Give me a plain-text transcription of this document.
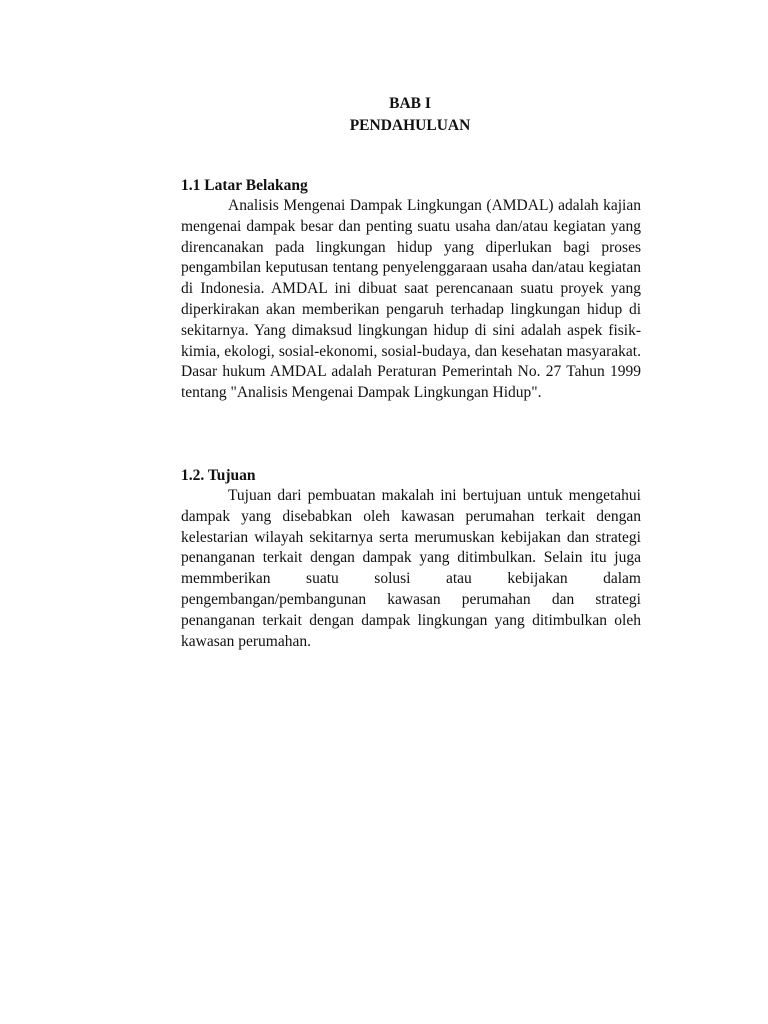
BAB I
PENDAHULUAN

1.1 Latar Belakang

Analisis Mengenai Dampak Lingkungan (AMDAL) adalah kajian mengenai dampak besar dan penting suatu usaha dan/atau kegiatan yang direncanakan pada lingkungan hidup yang diperlukan bagi proses pengambilan keputusan tentang penyelenggaraan usaha dan/atau kegiatan di Indonesia. AMDAL ini dibuat saat perencanaan suatu proyek yang diperkirakan akan memberikan pengaruh terhadap lingkungan hidup di sekitarnya. Yang dimaksud lingkungan hidup di sini adalah aspek fisik-kimia, ekologi, sosial-ekonomi, sosial-budaya, dan kesehatan masyarakat. Dasar hukum AMDAL adalah Peraturan Pemerintah No. 27 Tahun 1999 tentang "Analisis Mengenai Dampak Lingkungan Hidup".

1.2. Tujuan

Tujuan dari pembuatan makalah ini bertujuan untuk mengetahui dampak yang disebabkan oleh kawasan perumahan terkait dengan kelestarian wilayah sekitarnya serta merumuskan kebijakan dan strategi penanganan terkait dengan dampak yang ditimbulkan. Selain itu juga memmberikan suatu solusi atau kebijakan dalam pengembangan/pembangunan kawasan perumahan dan strategi penanganan terkait dengan dampak lingkungan yang ditimbulkan oleh kawasan perumahan.
